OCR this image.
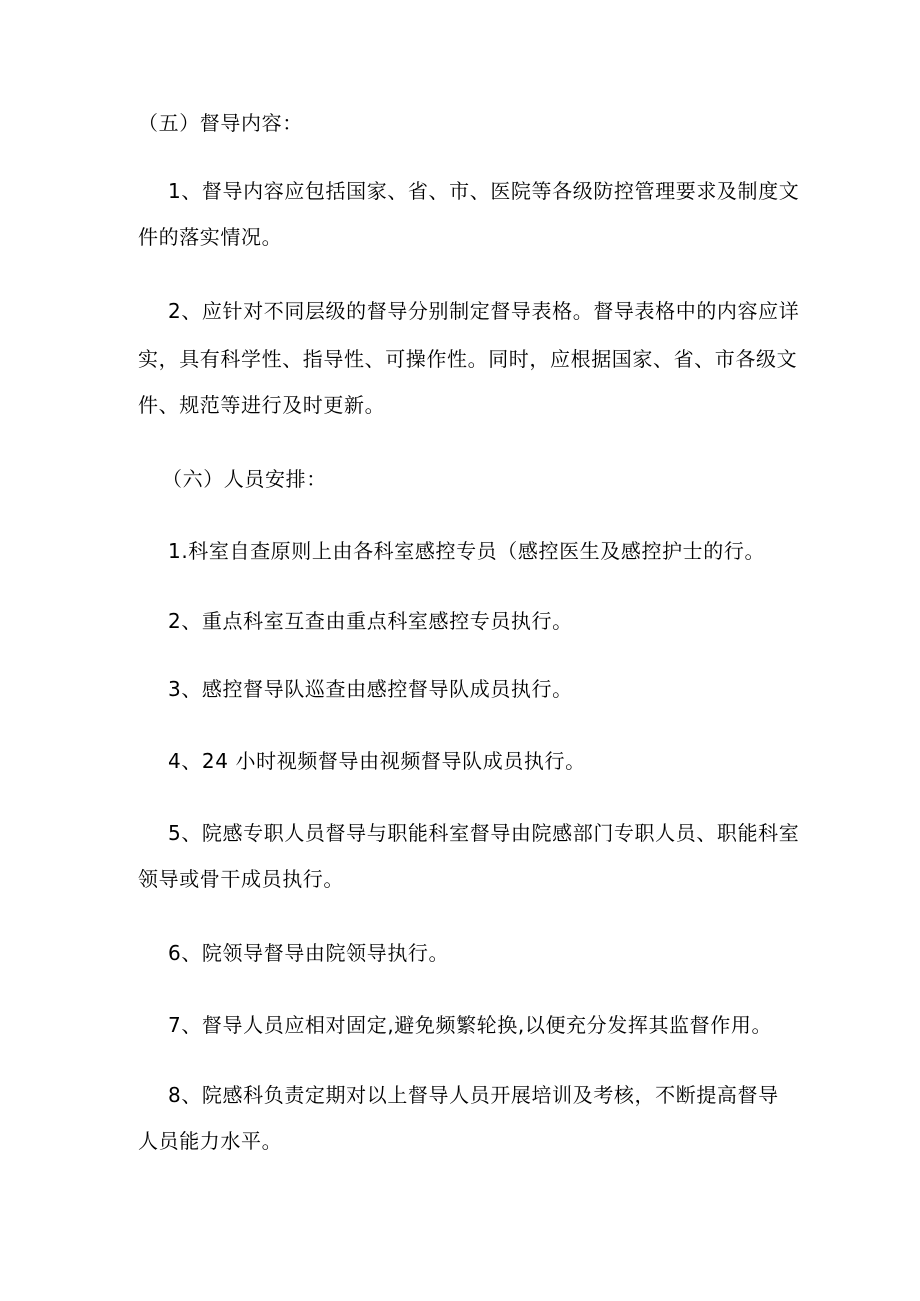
（五）督导内容：

1、督导内容应包括国家、省、市、医院等各级防控管理要求及制度文

件的落实情况。

2、应针对不同层级的督导分别制定督导表格。督导表格中的内容应详

实，具有科学性、指导性、可操作性。同时，应根据国家、省、市各级文
件、规范等进行及时更新。

（六）人员安排：

1.科室自查原则上由各科室感控专员（感控医生及感控护士的行。

2、重点科室互查由重点科室感控专员执行。

3、感控督导队巡查由感控督导队成员执行。

4、24 小时视频督导由视频督导队成员执行。

5、院感专职人员督导与职能科室督导由院感部门专职人员、职能科室

领导或骨干成员执行。

6、院领导督导由院领导执行。

7、督导人员应相对固定,避免频繁轮换,以便充分发挥其监督作用。

8、院感科负责定期对以上督导人员开展培训及考核，不断提高督导

人员能力水平。
